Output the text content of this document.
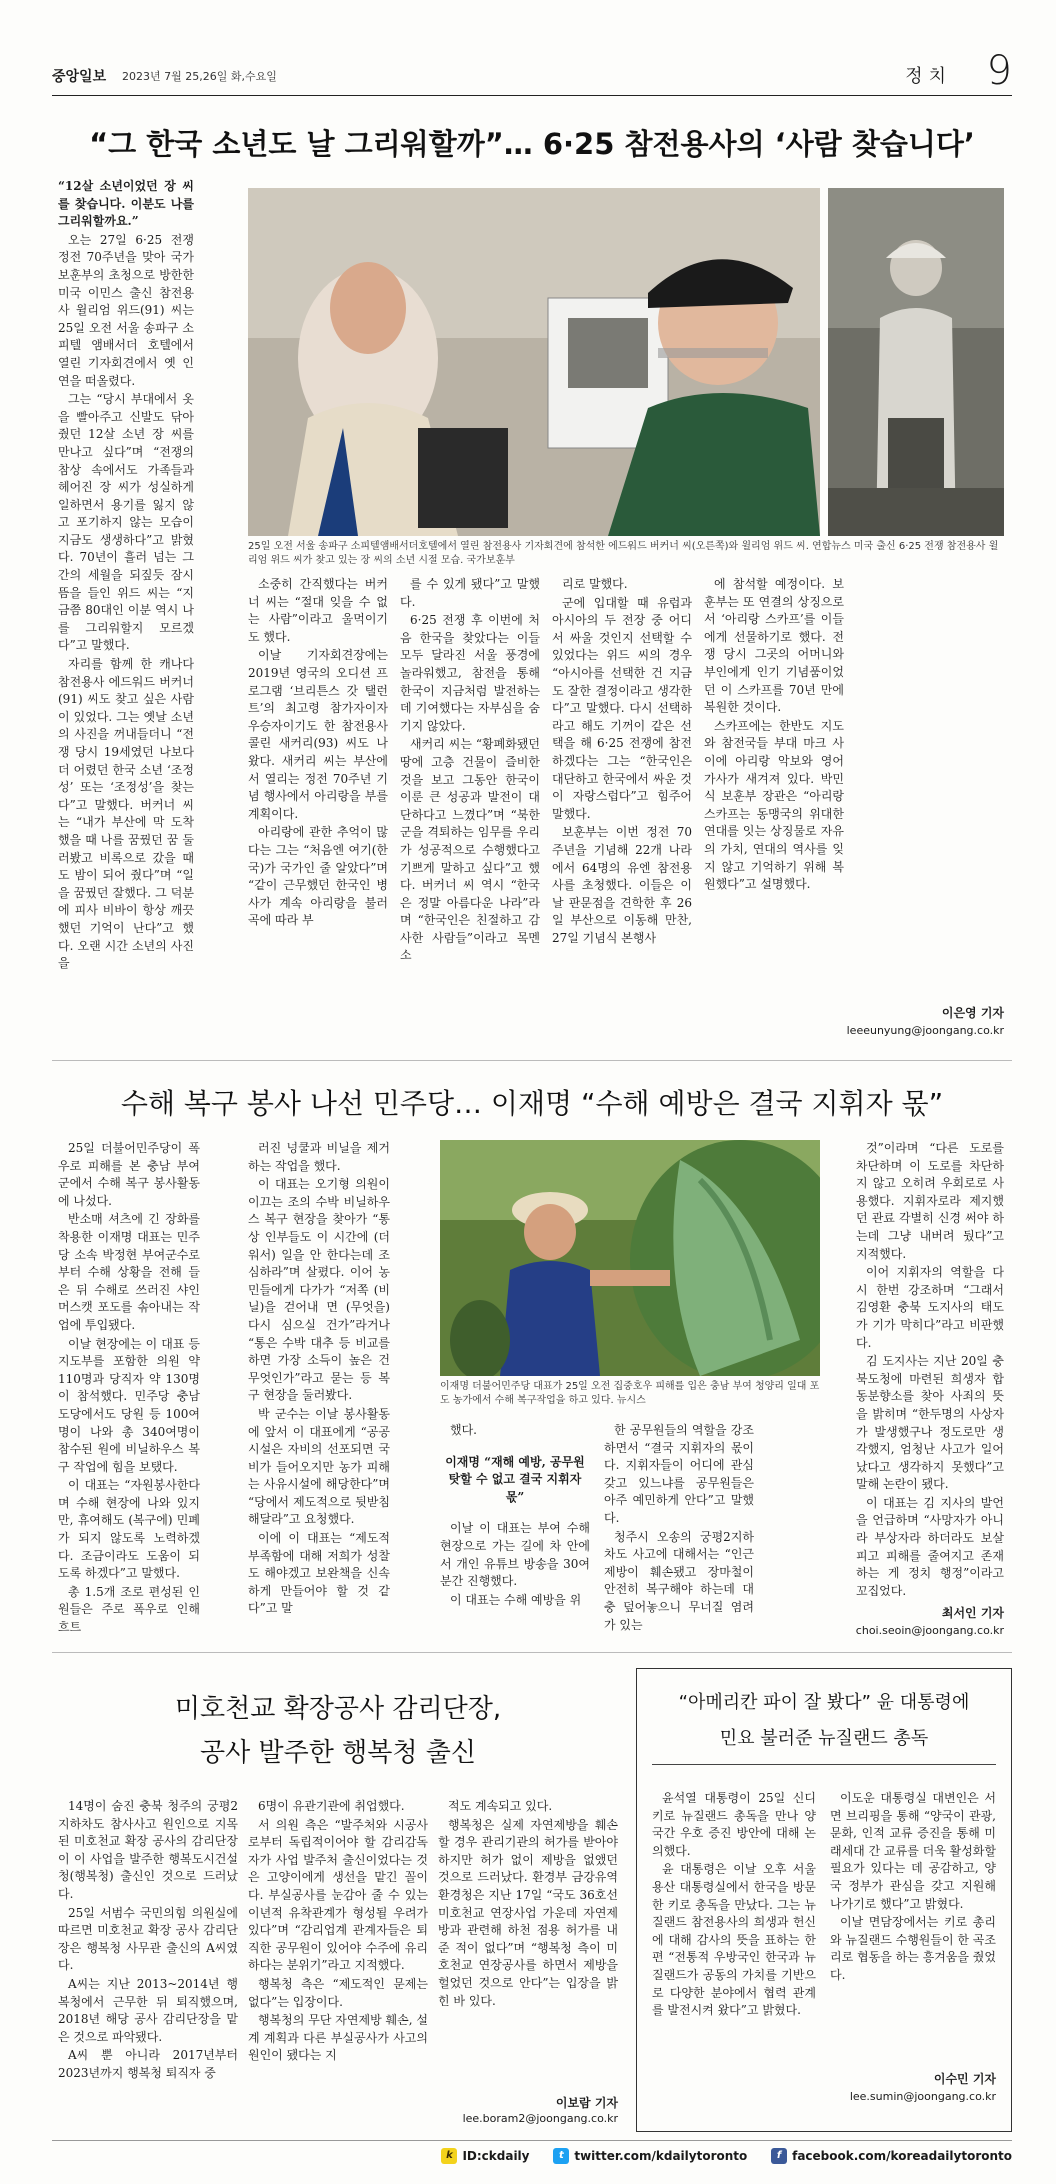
중앙일보 2023년 7월 25,26일 화,수요일	정치 9
“그 한국 소년도 날 그리워할까”… 6·25 참전용사의 ‘사람 찾습니다’

“12살 소년이었던 장 씨를 찾습니다. 이분도 나를 그리워할까요.”

오는 27일 6·25 전쟁 정전 70주년을 맞아 국가보훈부의 초청으로 방한한 미국 이민스 출신 참전용사 윌리엄 위드(91) 씨는 25일 오전 서울 송파구 소피텔 앰배서더 호텔에서 열린 기자회견에서 옛 인연을 떠올렸다.

그는 “당시 부대에서 옷을 빨아주고 신발도 닦아줬던 12살 소년 장 씨를 만나고 싶다”며 “전쟁의 참상 속에서도 가족들과 헤어진 장 씨가 성실하게 일하면서 용기를 잃지 않고 포기하지 않는 모습이 지금도 생생하다”고 밝혔다. 70년이 흘러 넘는 그간의 세월을 되짚듯 잠시 뜸을 들인 위드 씨는 “지금쯤 80대인 이분 역시 나를 그리워할지 모르겠다”고 말했다.

자리를 함께 한 캐나다 참전용사 에드워드 버커너(91) 씨도 찾고 싶은 사람이 있었다. 그는 옛날 소년의 사진을 꺼내들더니 “전쟁 당시 19세였던 나보다 더 어렸던 한국 소년 ‘조정성’ 또는 ‘조정성’을 찾는다”고 말했다. 버커너 씨는 “내가 부산에 막 도착했을 때 나를 꿈꿨던 꿈 둘러봤고 비록으로 갔을 때도 밤이 되어 줬다”며 “일을 꿈꿨던 잘했다. 그 덕분에 피사 비바이 항상 깨끗했던 기억이 난다”고 했다. 오랜 시간 소년의 사진을

25일 오전 서울 송파구 소피텔앰배서더호텔에서 열린 참전용사 기자회견에 참석한 에드워드 버커너 씨(오른쪽)와 윌리엄 위드 씨. 연합뉴스 미국 출신 6·25 전쟁 참전용사 윌리엄 위드 씨가 찾고 있는 장 씨의 소년 시절 모습. 국가보훈부

소중히 간직했다는 버커너 씨는 “절대 잊을 수 없는 사람”이라고 울먹이기도 했다.

이날 기자회견장에는 2019년 영국의 오디션 프로그램 ‘브리튼스 갓 탤런트’의 최고령 참가자이자 우승자이기도 한 참전용사 콜린 새커리(93) 씨도 나왔다. 새커리 씨는 부산에서 열리는 정전 70주년 기념 행사에서 아리랑을 부를 계획이다.

아리랑에 관한 추억이 많다는 그는 “처음엔 여기(한국)가 국가인 줄 알았다”며 “같이 근무했던 한국인 병사가 계속 아리랑을 불러 곡에 따라 부

를 수 있게 됐다”고 말했다.

6·25 전쟁 후 이번에 처음 한국을 찾았다는 이들 모두 달라진 서울 풍경에 놀라워했고, 참전을 통해 한국이 지금처럼 발전하는 데 기여했다는 자부심을 숨기지 않았다.

새커리 씨는 “황폐화됐던 땅에 고층 건물이 즐비한 것을 보고 그동안 한국이 이룬 큰 성공과 발전이 대단하다고 느꼈다”며 “북한군을 격퇴하는 임무를 우리가 성공적으로 수행했다고 기쁘게 말하고 싶다”고 했다. 버커너 씨 역시 “한국은 정말 아름다운 나라”라며 “한국인은 친절하고 감사한 사람들”이라고 목멘 소

리로 말했다.

군에 입대할 때 유럽과 아시아의 두 전장 중 어디서 싸울 것인지 선택할 수 있었다는 위드 씨의 경우 “아시아를 선택한 건 지금도 잘한 결정이라고 생각한다”고 말했다. 다시 선택하라고 해도 기꺼이 같은 선택을 해 6·25 전쟁에 참전하겠다는 그는 “한국인은 대단하고 한국에서 싸운 것이 자랑스럽다”고 힘주어 말했다.

보훈부는 이번 정전 70주년을 기념해 22개 나라에서 64명의 유엔 참전용사를 초청했다. 이들은 이날 판문점을 견학한 후 26일 부산으로 이동해 만찬, 27일 기념식 본행사

에 참석할 예정이다. 보훈부는 또 연결의 상징으로서 ‘아리랑 스카프’를 이들에게 선물하기로 했다. 전쟁 당시 그곳의 어머니와 부인에게 인기 기념품이었던 이 스카프를 70년 만에 복원한 것이다.

스카프에는 한반도 지도와 참전국들 부대 마크 사이에 아리랑 악보와 영어 가사가 새겨져 있다. 박민식 보훈부 장관은 “아리랑 스카프는 동맹국의 위대한 연대를 잇는 상징물로 자유의 가치, 연대의 역사를 잊지 않고 기억하기 위해 복원했다”고 설명했다.

이은영 기자
leeeunyung@joongang.co.kr
수해 복구 봉사 나선 민주당… 이재명 “수해 예방은 결국 지휘자 몫”

25일 더불어민주당이 폭우로 피해를 본 충남 부여군에서 수해 복구 봉사활동에 나섰다.

반소매 셔츠에 긴 장화를 착용한 이재명 대표는 민주당 소속 박정현 부여군수로부터 수해 상황을 전해 들은 뒤 수해로 쓰러진 샤인머스캣 포도를 솎아내는 작업에 투입됐다.

이날 현장에는 이 대표 등 지도부를 포함한 의원 약 110명과 당직자 약 130명이 참석했다. 민주당 충남도당에서도 당원 등 100여명이 나와 총 340여명이 참수된 원에 비닐하우스 복구 작업에 힘을 보탰다.

이 대표는 “자원봉사한다며 수해 현장에 나와 있지만, 휴여해도 (복구에) 민폐가 되지 않도록 노력하겠다. 조금이라도 도움이 되도록 하겠다”고 말했다.

총 1.5개 조로 편성된 인원들은 주로 폭우로 인해 흐트

러진 넝쿨과 비닐을 제거하는 작업을 했다.

이 대표는 오기형 의원이 이끄는 조의 수박 비닐하우스 복구 현장을 찾아가 “통상 인부들도 이 시간에 (더워서) 일을 안 한다는데 조심하라”며 살폈다. 이어 농민들에게 다가가 “저쪽 (비닐)을 걷어내 면 (무엇을) 다시 심으실 건가”라거나 “통은 수박 대추 등 비교를 하면 가장 소득이 높은 건 무엇인가”라고 묻는 등 복구 현장을 둘러봤다.

박 군수는 이날 봉사활동에 앞서 이 대표에게 “공공시설은 자비의 선포되면 국비가 들어오지만 농가 피해는 사유시설에 해당한다”며 “당에서 제도적으로 뒷받침해달라”고 요청했다.

이에 이 대표는 “제도적 부족함에 대해 저희가 성찰도 해야겠고 보완책을 신속하게 만들어야 할 것 같다”고 말

이재명 더불어민주당 대표가 25일 오전 집중호우 피해를 입은 충남 부여 청양리 일대 포도 농가에서 수해 복구작업을 하고 있다. 뉴시스

했다.

이재명 “재해 예방, 공무원 탓할 수 없고 결국 지휘자 몫”

이날 이 대표는 부여 수해 현장으로 가는 길에 차 안에서 개인 유튜브 방송을 30여분간 진행했다.

이 대표는 수해 예방을 위

한 공무원들의 역할을 강조하면서 “결국 지휘자의 몫이다. 지휘자들이 어디에 관심 갖고 있느냐를 공무원들은 아주 예민하게 안다”고 말했다.

청주시 오송의 궁평2지하차도 사고에 대해서는 “인근 제방이 훼손됐고 장마철이 안전히 복구해야 하는데 대충 덮어놓으니 무너질 염려가 있는

것”이라며 “다른 도로를 차단하며 이 도로를 차단하지 않고 오히려 우회로로 사용했다. 지휘자로라 제지했던 관료 각별히 신경 써야 하는데 그냥 내버려 뒀다”고 지적했다.

이어 지휘자의 역할을 다시 한번 강조하며 “그래서 김영환 충북 도지사의 태도가 기가 막히다”라고 비판했다.

김 도지사는 지난 20일 충북도청에 마련된 희생자 합동분향소를 찾아 사죄의 뜻을 밝히며 “한두명의 사상자가 발생했구나 정도로만 생각했지, 엄청난 사고가 일어났다고 생각하지 못했다”고 말해 논란이 됐다.

이 대표는 김 지사의 발언을 언급하며 “사망자가 아니라 부상자라 하더라도 보살피고 피해를 줄여지고 존재하는 게 정치 행정”이라고 꼬집었다.

최서인 기자
choi.seoin@joongang.co.kr
미호천교 확장공사 감리단장,
공사 발주한 행복청 출신

14명이 숨진 충북 청주의 궁평2지하차도 참사사고 원인으로 지목된 미호천교 확장 공사의 감리단장이 이 사업을 발주한 행복도시건설청(행복청) 출신인 것으로 드러났다.

25일 서범수 국민의힘 의원실에 따르면 미호천교 확장 공사 감리단장은 행복청 사무관 출신의 A씨였다.

A씨는 지난 2013~2014년 행복청에서 근무한 뒤 퇴직했으며, 2018년 해당 공사 감리단장을 맡은 것으로 파악됐다.

A씨 뿐 아니라 2017년부터 2023년까지 행복청 퇴직자 중

6명이 유관기관에 취업했다.

서 의원 측은 “발주처와 시공사로부터 독립적이어야 할 감리감독자가 사업 발주처 출신이었다는 것은 고양이에게 생선을 맡긴 꼴이다. 부실공사를 눈감아 줄 수 있는 이년적 유착관계가 형성될 우려가 있다”며 “감리업계 관계자들은 퇴직한 공무원이 있어야 수주에 유리하다는 분위기”라고 지적했다.

행복청 측은 “제도적인 문제는 없다”는 입장이다.

행복청의 무단 자연제방 훼손, 설계 계획과 다른 부실공사가 사고의 원인이 됐다는 지

적도 계속되고 있다.

행복청은 실제 자연제방을 훼손할 경우 관리기관의 허가를 받아야 하지만 허가 없이 제방을 없앴던 것으로 드러났다. 환경부 금강유역환경청은 지난 17일 “국도 36호선 미호천교 연장사업 가운데 자연제방과 관련해 하천 점용 허가를 내준 적이 없다”며 “행복청 측이 미호천교 연장공사를 하면서 제방을 헐었던 것으로 안다”는 입장을 밝힌 바 있다.

이보람 기자
lee.boram2@joongang.co.kr
“아메리칸 파이 잘 봤다” 윤 대통령에
민요 불러준 뉴질랜드 총독

윤석열 대통령이 25일 신디 키로 뉴질랜드 총독을 만나 양국간 우호 증진 방안에 대해 논의했다.

윤 대통령은 이날 오후 서울 용산 대통령실에서 한국을 방문한 키로 총독을 만났다. 그는 뉴질랜드 참전용사의 희생과 헌신에 대해 감사의 뜻을 표하는 한편 “전통적 우방국인 한국과 뉴질랜드가 공동의 가치를 기반으로 다양한 분야에서 협력 관계를 발전시켜 왔다”고 밝혔다.

이도운 대통령실 대변인은 서면 브리핑을 통해 “양국이 관광, 문화, 인적 교류 증진을 통해 미래세대 간 교류를 더욱 활성화할 필요가 있다는 데 공감하고, 양국 정부가 관심을 갖고 지원해 나가기로 했다”고 밝혔다.

이날 면담장에서는 키로 총리와 뉴질랜드 수행원들이 한 곡조리로 협동을 하는 흥겨움을 줬었다.

이수민 기자
lee.sumin@joongang.co.kr
k ID:ckdaily
	t twitter.com/kdailytoronto
	f facebook.com/koreadailytoronto
